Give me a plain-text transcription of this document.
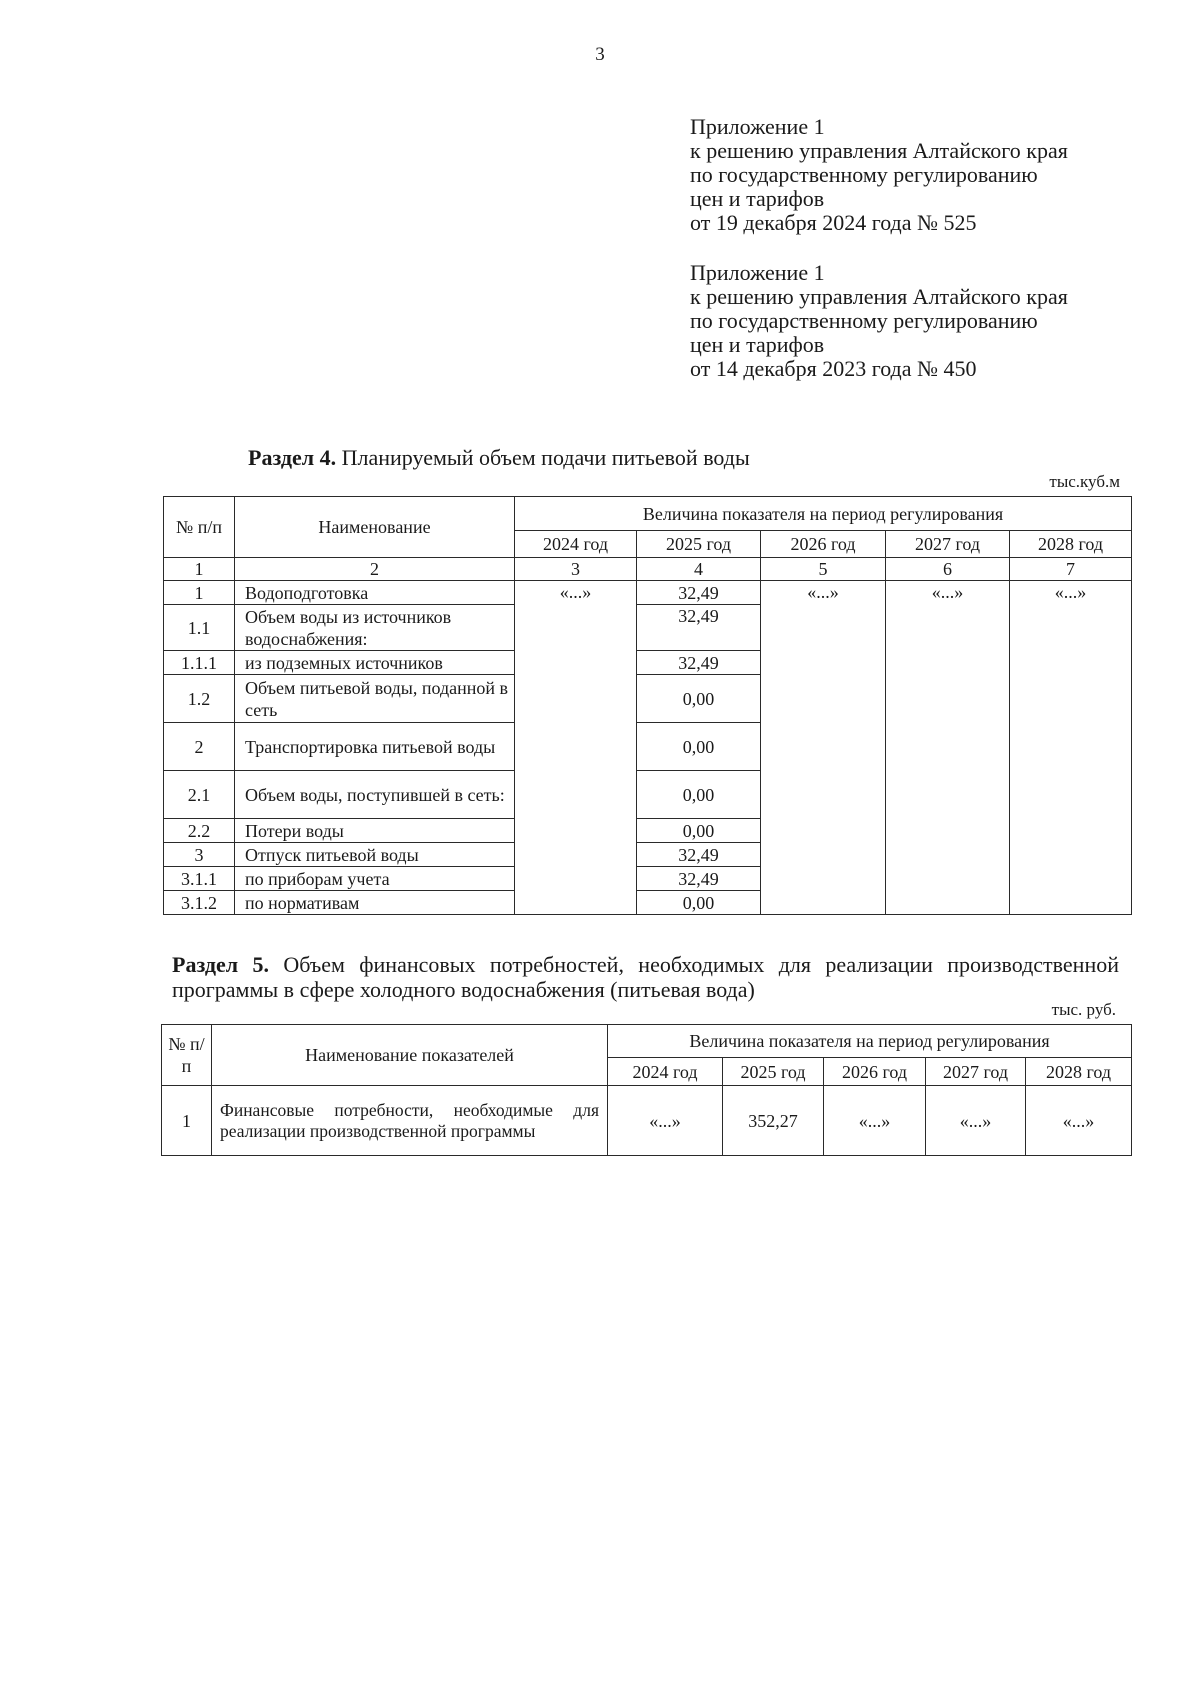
3
Приложение 1
к решению управления Алтайского края
по государственному регулированию
цен и тарифов
от 19 декабря 2024 года № 525
Приложение 1
к решению управления Алтайского края
по государственному регулированию
цен и тарифов
от 14 декабря 2023 года № 450
Раздел 4. Планируемый объем подачи питьевой воды
тыс.куб.м
№ п/п	Наименование	Величина показателя на период регулирования				
		2024 год	2025 год	2026 год	2027 год	2028 год
1	2	3	4	5	6	7
1	Водоподготовка	«...»	32,49	«...»	«...»	«...»
1.1	Объем воды из источников водоснабжения:		32,49			
1.1.1	из подземных источников		32,49			
1.2	Объем питьевой воды, поданной в сеть		0,00			
2	Транспортировка питьевой воды		0,00			
2.1	Объем воды, поступившей в сеть:		0,00			
2.2	Потери воды		0,00			
3	Отпуск питьевой воды		32,49			
3.1.1	по приборам учета		32,49			
3.1.2	по нормативам		0,00			
Раздел 5. Объем финансовых потребностей, необходимых для реализации производственной программы в сфере холодного водоснабжения (питьевая вода)
тыс. руб.
№ п/п	Наименование показателей	Величина показателя на период регулирования				
		2024 год	2025 год	2026 год	2027 год	2028 год
1	Финансовые потребности, необходимые для реализации производственной программы	«...»	352,27	«...»	«...»	«...»
